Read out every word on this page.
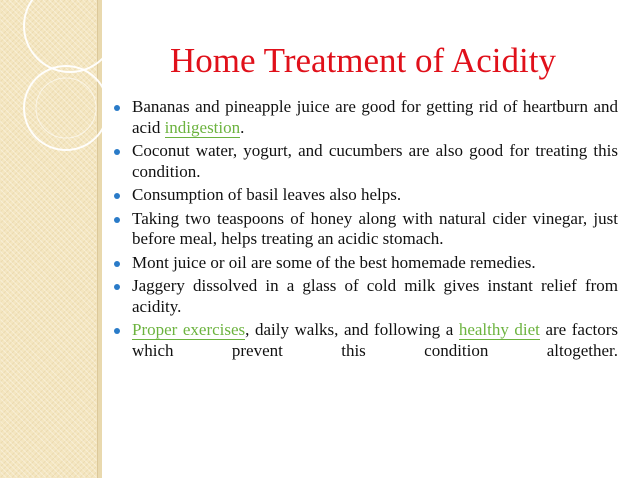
Home Treatment of Acidity
Bananas and pineapple juice are good for getting rid of heartburn and acid indigestion.
Coconut water, yogurt, and cucumbers are also good for treating this condition.
Consumption of basil leaves also helps.
Taking two teaspoons of honey along with natural cider vinegar, just before meal, helps treating an acidic stomach.
Mont juice or oil are some of the best homemade remedies.
Jaggery dissolved in a glass of cold milk gives instant relief from acidity.
Proper exercises, daily walks, and following a healthy diet are factors which prevent this condition altogether.
